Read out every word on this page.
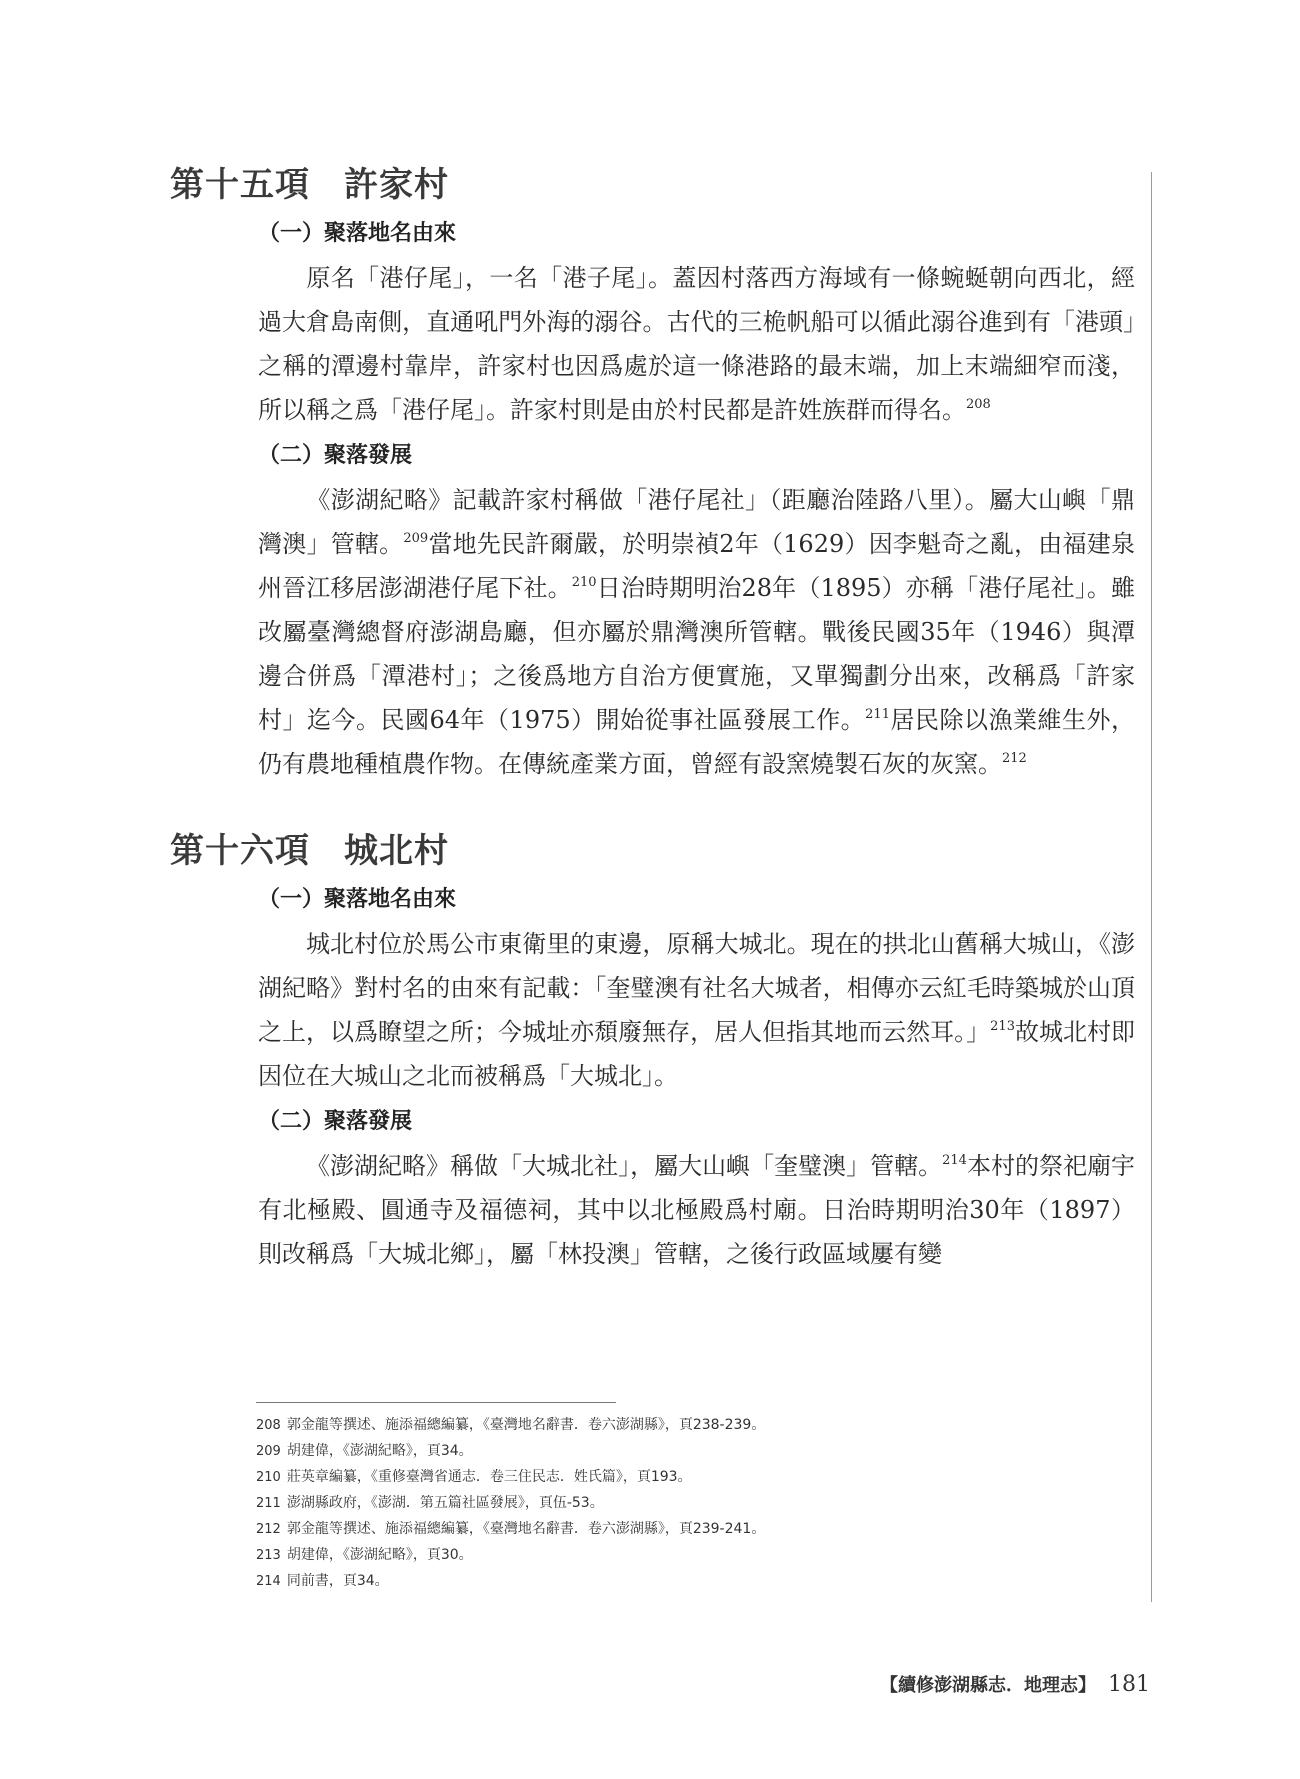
第十五項 許家村
（一）聚落地名由來

原名「港仔尾」，一名「港子尾」。蓋因村落西方海域有一條蜿蜒朝向西北，經過大倉島南側，直通吼門外海的溺谷。古代的三桅帆船可以循此溺谷進到有「港頭」之稱的潭邊村靠岸，許家村也因爲處於這一條港路的最末端，加上末端細窄而淺，所以稱之爲「港仔尾」。許家村則是由於村民都是許姓族群而得名。$^{208}$

（二）聚落發展

《澎湖紀略》記載許家村稱做「港仔尾社」（距廳治陸路八里）。屬大山嶼「鼎灣澳」管轄。$^{209}$當地先民許爾嚴，於明崇禎2年（1629）因李魁奇之亂，由福建泉州晉江移居澎湖港仔尾下社。$^{210}$日治時期明治28年（1895）亦稱「港仔尾社」。雖改屬臺灣總督府澎湖島廳，但亦屬於鼎灣澳所管轄。戰後民國35年（1946）與潭邊合併爲「潭港村」；之後爲地方自治方便實施，又單獨劃分出來，改稱爲「許家村」迄今。民國64年（1975）開始從事社區發展工作。$^{211}$居民除以漁業維生外，仍有農地種植農作物。在傳統產業方面，曾經有設窯燒製石灰的灰窯。$^{212}$

第十六項 城北村
（一）聚落地名由來

城北村位於馬公市東衛里的東邊，原稱大城北。現在的拱北山舊稱大城山，《澎湖紀略》對村名的由來有記載：「奎璧澳有社名大城者，相傳亦云紅毛時築城於山頂之上，以爲瞭望之所；今城址亦頹廢無存，居人但指其地而云然耳。」$^{213}$故城北村即因位在大城山之北而被稱爲「大城北」。

（二）聚落發展

《澎湖紀略》稱做「大城北社」，屬大山嶼「奎璧澳」管轄。$^{214}$本村的祭祀廟宇有北極殿、圓通寺及福德祠，其中以北極殿爲村廟。日治時期明治30年（1897）則改稱爲「大城北鄉」，屬「林投澳」管轄，之後行政區域屢有變

208 郭金龍等撰述、施添福總編纂，《臺灣地名辭書．卷六澎湖縣》，頁238-239。
209 胡建偉，《澎湖紀略》，頁34。
210 莊英章編纂，《重修臺灣省通志．卷三住民志．姓氏篇》，頁193。
211 澎湖縣政府，《澎湖．第五篇社區發展》，頁伍-53。
212 郭金龍等撰述、施添福總編纂，《臺灣地名辭書．卷六澎湖縣》，頁239-241。
213 胡建偉，《澎湖紀略》，頁30。
214 同前書，頁34。
【續修澎湖縣志．地理志】 181
